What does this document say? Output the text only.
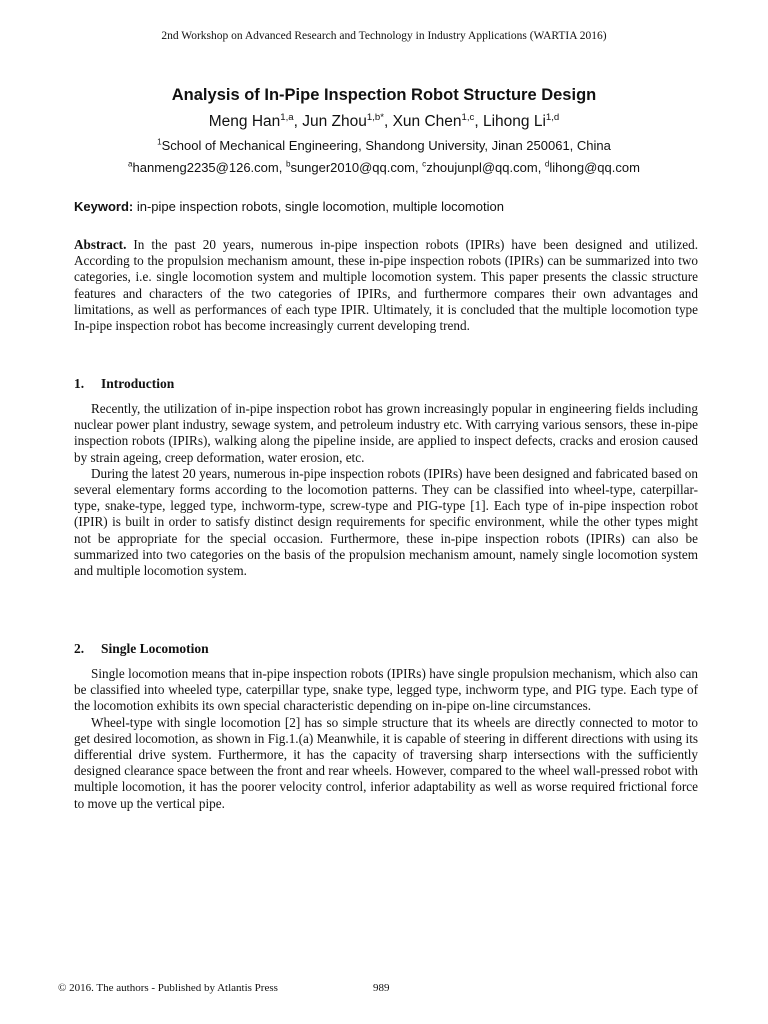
2nd Workshop on Advanced Research and Technology in Industry Applications (WARTIA 2016)
Analysis of In-Pipe Inspection Robot Structure Design
Meng Han$^{1,a}$, Jun Zhou$^{1,b*}$, Xun Chen$^{1,c}$, Lihong Li$^{1,d}$
$^1$School of Mechanical Engineering, Shandong University, Jinan 250061, China
$^a$hanmeng2235@126.com, $^b$sunger2010@qq.com, $^c$zhoujunpl@qq.com, $^d$lihong@qq.com
Keyword: in-pipe inspection robots, single locomotion, multiple locomotion
Abstract. In the past 20 years, numerous in-pipe inspection robots (IPIRs) have been designed and utilized. According to the propulsion mechanism amount, these in-pipe inspection robots (IPIRs) can be summarized into two categories, i.e. single locomotion system and multiple locomotion system. This paper presents the classic structure features and characters of the two categories of IPIRs, and furthermore compares their own advantages and limitations, as well as performances of each type IPIR. Ultimately, it is concluded that the multiple locomotion type In-pipe inspection robot has become increasingly current developing trend.
1. Introduction

Recently, the utilization of in-pipe inspection robot has grown increasingly popular in engineering fields including nuclear power plant industry, sewage system, and petroleum industry etc. With carrying various sensors, these in-pipe inspection robots (IPIRs), walking along the pipeline inside, are applied to inspect defects, cracks and erosion caused by strain ageing, creep deformation, water erosion, etc.

During the latest 20 years, numerous in-pipe inspection robots (IPIRs) have been designed and fabricated based on several elementary forms according to the locomotion patterns. They can be classified into wheel-type, caterpillar-type, snake-type, legged type, inchworm-type, screw-type and PIG-type [1]. Each type of in-pipe inspection robot (IPIR) is built in order to satisfy distinct design requirements for specific environment, while the other types might not be appropriate for the special occasion. Furthermore, these in-pipe inspection robots (IPIRs) can also be summarized into two categories on the basis of the propulsion mechanism amount, namely single locomotion system and multiple locomotion system.

2. Single Locomotion

Single locomotion means that in-pipe inspection robots (IPIRs) have single propulsion mechanism, which also can be classified into wheeled type, caterpillar type, snake type, legged type, inchworm type, and PIG type. Each type of the locomotion exhibits its own special characteristic depending on in-pipe on-line circumstances.

Wheel-type with single locomotion [2] has so simple structure that its wheels are directly connected to motor to get desired locomotion, as shown in Fig.1.(a) Meanwhile, it is capable of steering in different directions with using its differential drive system. Furthermore, it has the capacity of traversing sharp intersections with the sufficiently designed clearance space between the front and rear wheels. However, compared to the wheel wall-pressed robot with multiple locomotion, it has the poorer velocity control, inferior adaptability as well as worse required frictional force to move up the vertical pipe.

© 2016. The authors - Published by Atlantis Press	989
